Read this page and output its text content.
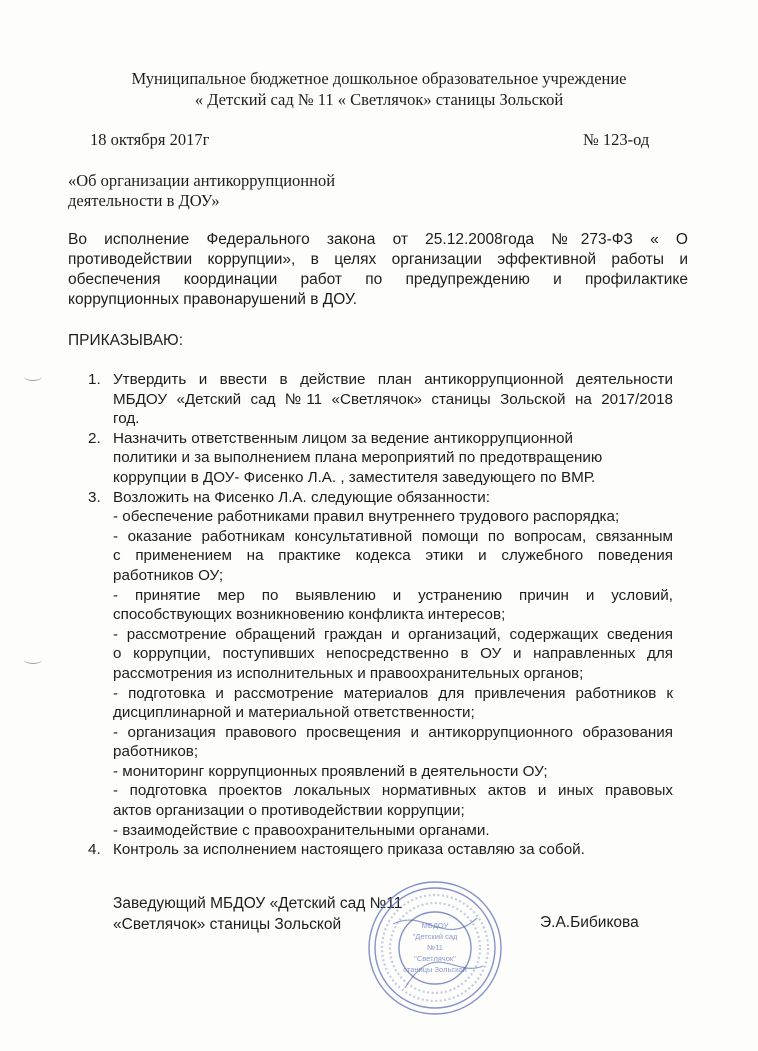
Муниципальное бюджетное дошкольное образовательное учреждение
« Детский сад № 11 « Светлячок» станицы Зольской
18 октября 2017г	№ 123-од
«Об организации антикоррупционной
деятельности в ДОУ»
Во исполнение Федерального закона от 25.12.2008года №273-ФЗ « О
противодействии коррупции», в целях организации эффективной работы и
обеспечения координации работ по предупреждению и профилактике
коррупционных правонарушений в ДОУ.
ПРИКАЗЫВАЮ:
1. Утвердить и ввести в действие план антикоррупционной деятельности
МБДОУ «Детский сад №11 «Светлячок» станицы Зольской на 2017/2018
год.
2. Назначить ответственным лицом за ведение антикоррупционной
политики и за выполнением плана мероприятий по предотвращению
коррупции в ДОУ- Фисенко Л.А. , заместителя заведующего по ВМР.
3. Возложить на Фисенко Л.А. следующие обязанности:
- обеспечение работниками правил внутреннего трудового распорядка;
- оказание работникам консультативной помощи по вопросам, связанным
с применением на практике кодекса этики и служебного поведения
работников ОУ;
- принятие мер по выявлению и устранению причин и условий,
способствующих возникновению конфликта интересов;
- рассмотрение обращений граждан и организаций, содержащих сведения
о коррупции, поступивших непосредственно в ОУ и направленных для
рассмотрения из исполнительных и правоохранительных органов;
- подготовка и рассмотрение материалов для привлечения работников к
дисциплинарной и материальной ответственности;
- организация правового просвещения и антикоррупционного образования
работников;
- мониторинг коррупционных проявлений в деятельности ОУ;
- подготовка проектов локальных нормативных актов и иных правовых
актов организации о противодействии коррупции;
- взаимодействие с правоохранительными органами.
4. Контроль за исполнением настоящего приказа оставляю за собой.
Заведующий МБДОУ «Детский сад №11
«Светлячок» станицы Зольской	Э.А.Бибикова
МБДОУ
"Детский сад
№11
"Светлячок"
станицы Зольской
